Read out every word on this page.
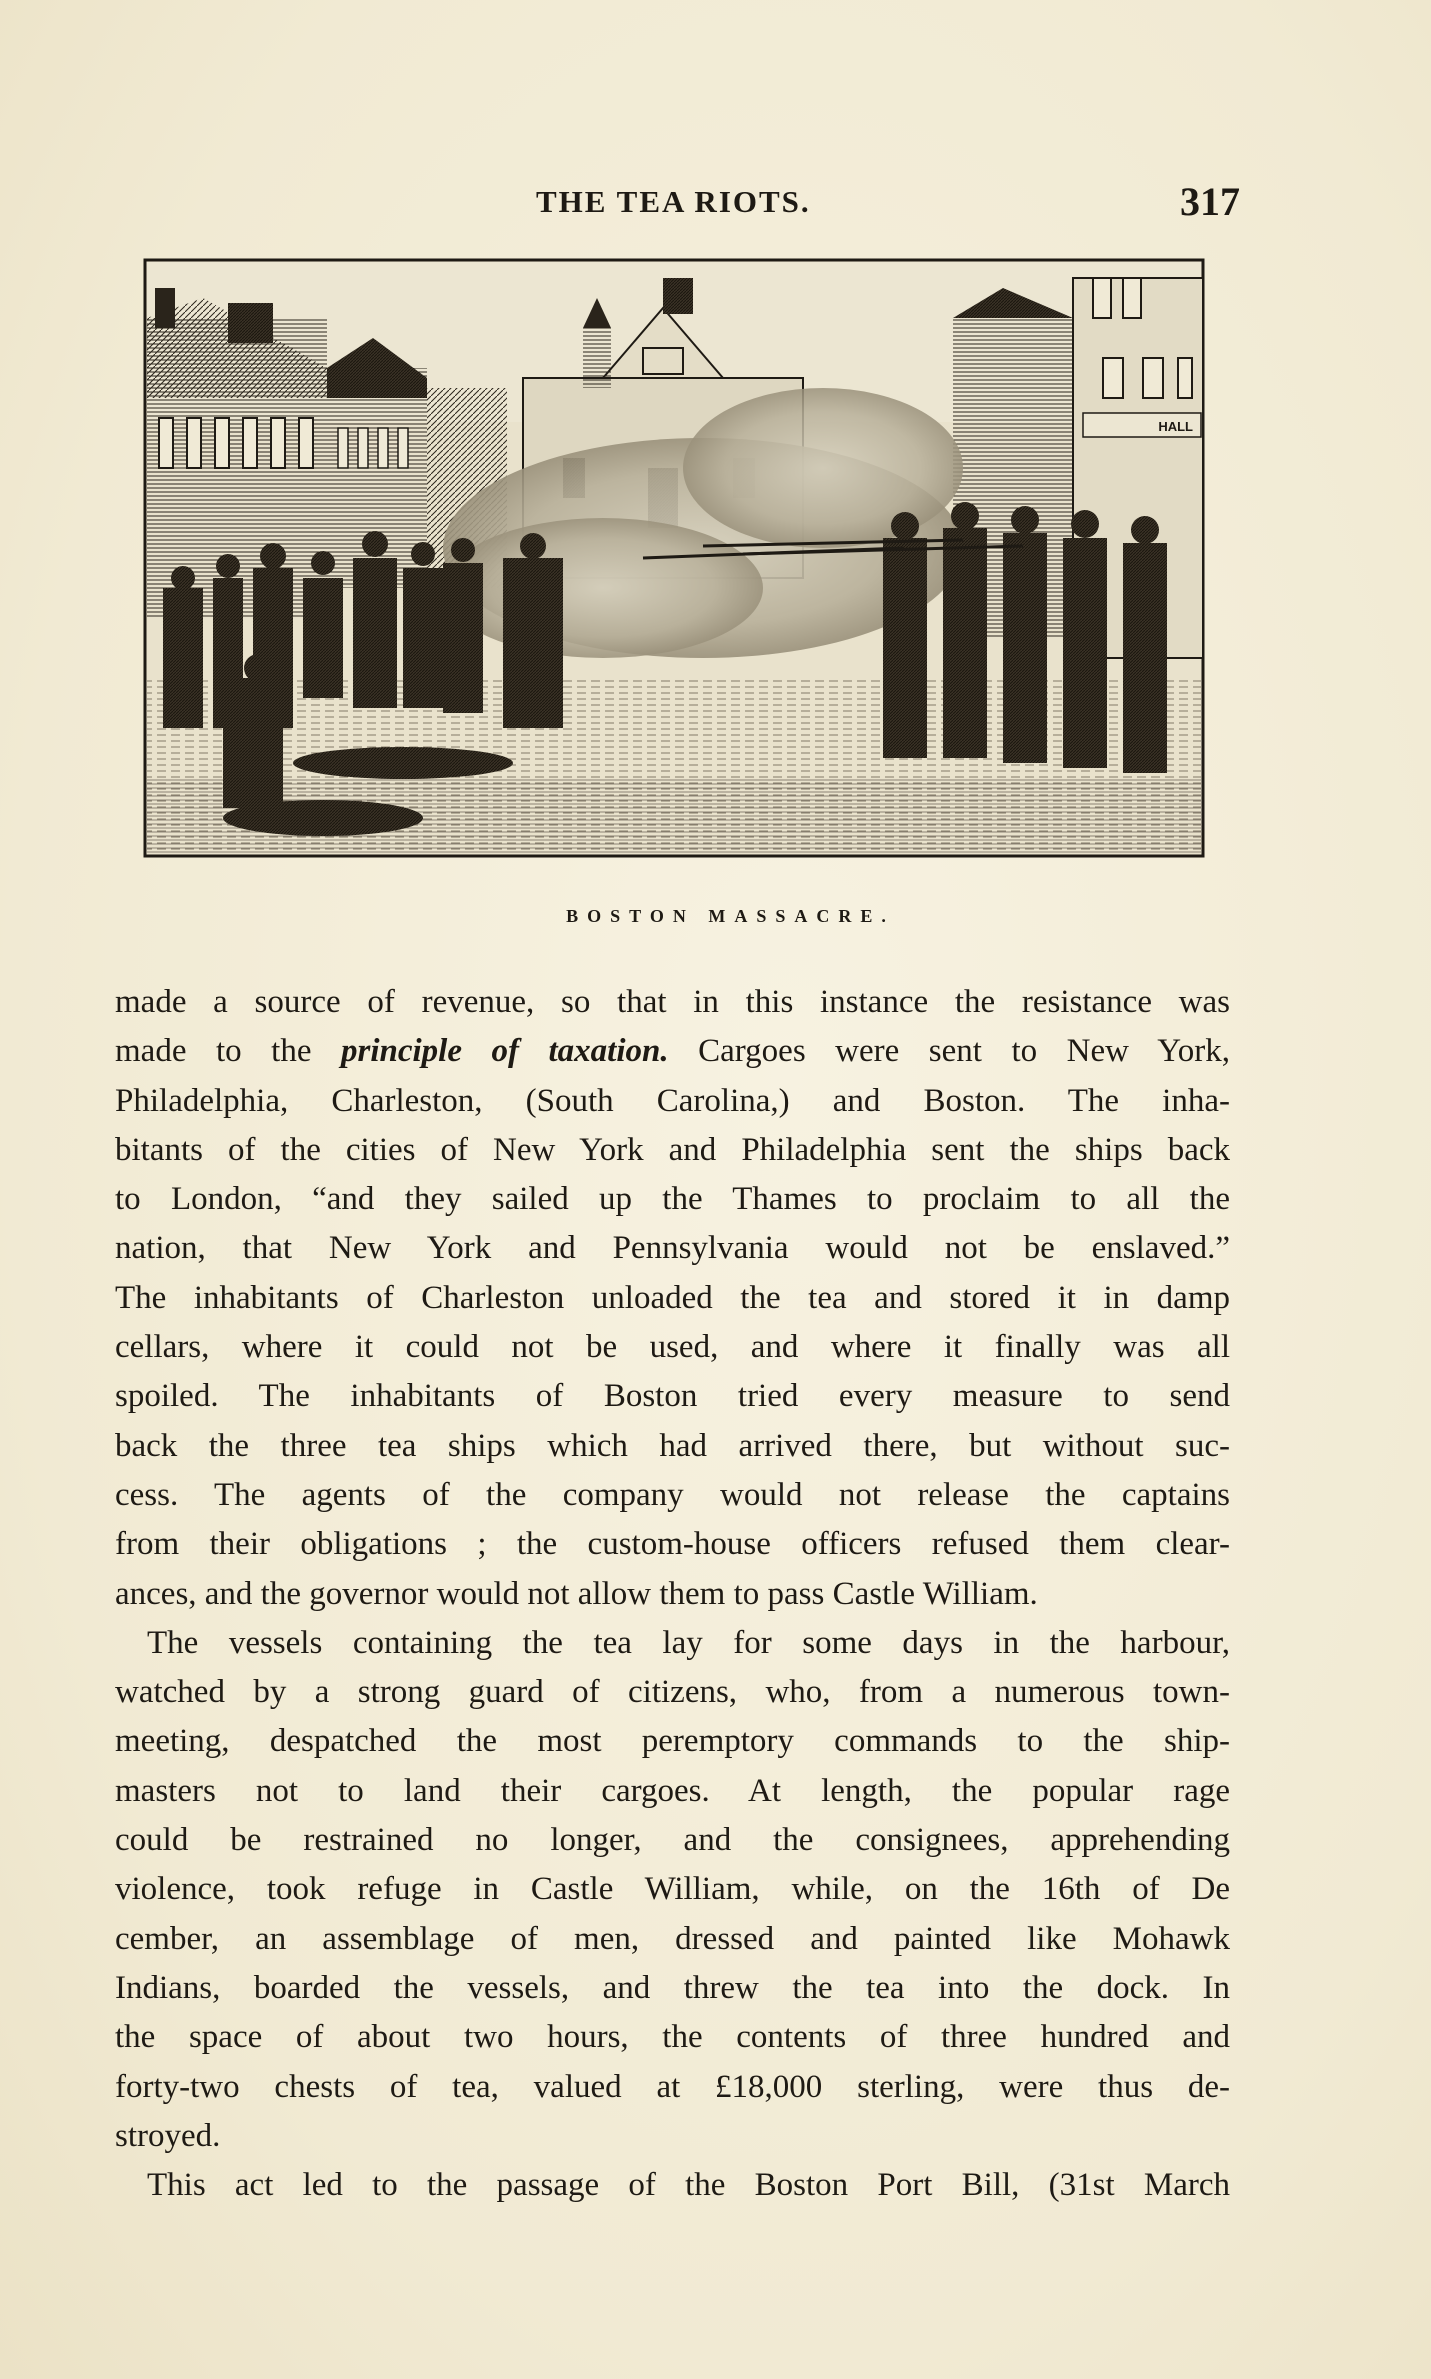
THE TEA RIOTS.	317
HALL
BOSTON MASSACRE.
made a source of revenue, so that in this instance the resistance was
made to the principle of taxation. Cargoes were sent to New York,
Philadelphia, Charleston, (South Carolina,) and Boston. The inha-
bitants of the cities of New York and Philadelphia sent the ships back
to London, “and they sailed up the Thames to proclaim to all the
nation, that New York and Pennsylvania would not be enslaved.”
The inhabitants of Charleston unloaded the tea and stored it in damp
cellars, where it could not be used, and where it finally was all
spoiled. The inhabitants of Boston tried every measure to send
back the three tea ships which had arrived there, but without suc-
cess. The agents of the company would not release the captains
from their obligations ; the custom-house officers refused them clear-
ances, and the governor would not allow them to pass Castle William.
The vessels containing the tea lay for some days in the harbour,
watched by a strong guard of citizens, who, from a numerous town-
meeting, despatched the most peremptory commands to the ship-
masters not to land their cargoes. At length, the popular rage
could be restrained no longer, and the consignees, apprehending
violence, took refuge in Castle William, while, on the 16th of De
cember, an assemblage of men, dressed and painted like Mohawk
Indians, boarded the vessels, and threw the tea into the dock. In
the space of about two hours, the contents of three hundred and
forty-two chests of tea, valued at £18,000 sterling, were thus de-
stroyed.
This act led to the passage of the Boston Port Bill, (31st March
